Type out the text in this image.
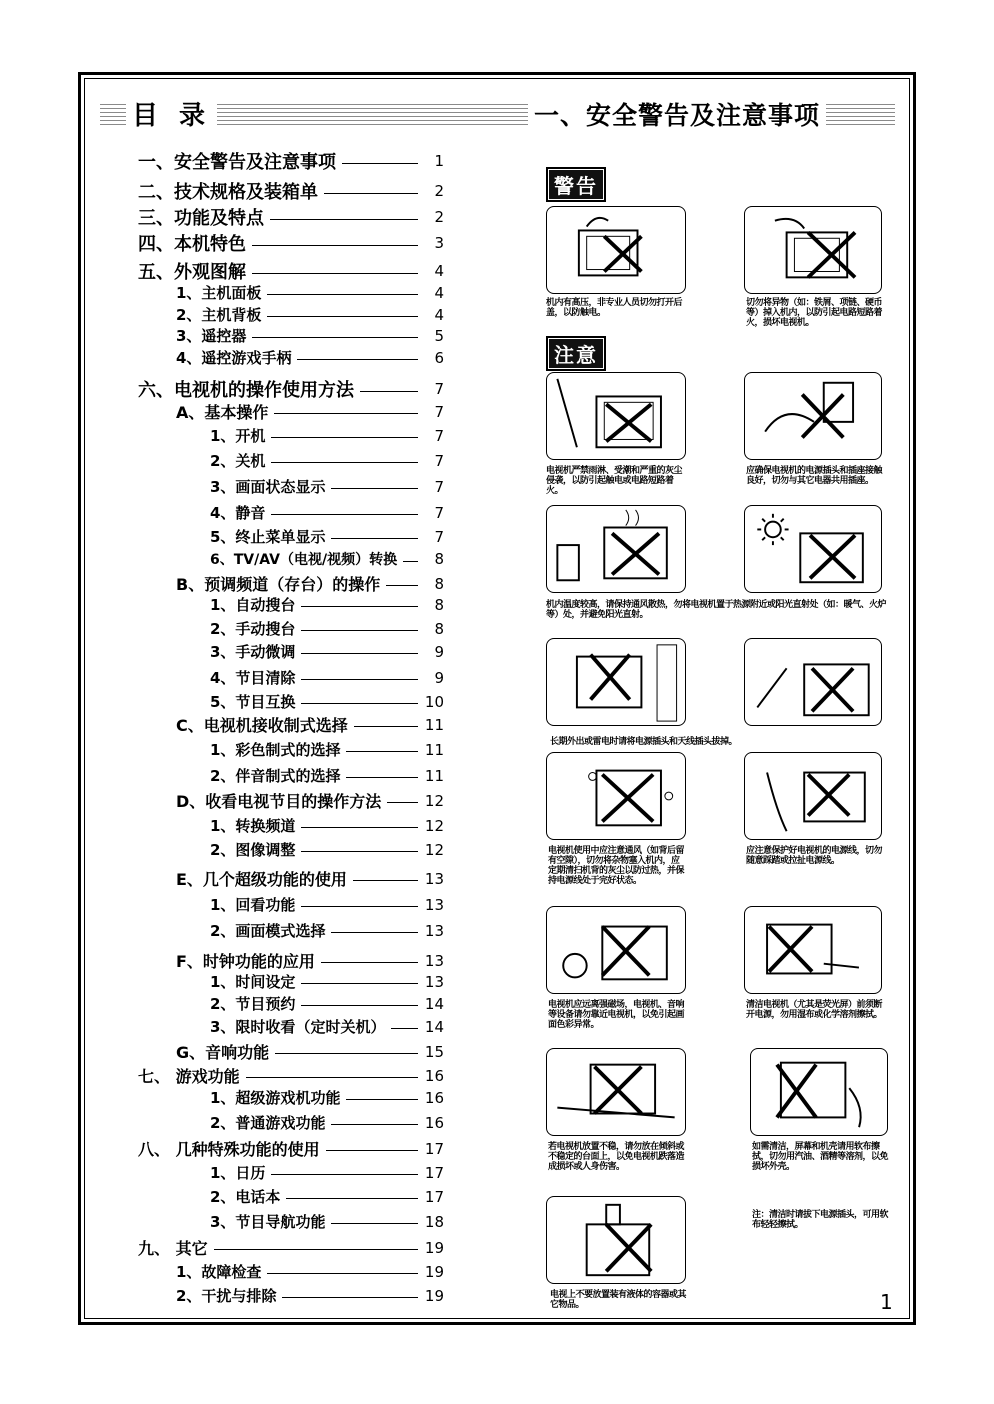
目 录	一、安全警告及注意事项
一、安全警告及注意事项	1
二、技术规格及装箱单	2
三、功能及特点	2
四、本机特色	3
五、外观图解	4
1、主机面板	4
2、主机背板	4
3、遥控器	5
4、遥控游戏手柄	6
六、电视机的操作使用方法	7
A、基本操作	7
1、开机	7
2、关机	7
3、画面状态显示	7
4、静音	7
5、终止菜单显示	7
6、TV/AV（电视/视频）转换	8
B、预调频道（存台）的操作	8
1、自动搜台	8
2、手动搜台	8
3、手动微调	9
4、节目清除	9
5、节目互换	10
C、电视机接收制式选择	11
1、彩色制式的选择	11
2、伴音制式的选择	11
D、收看电视节目的操作方法	12
1、转换频道	12
2、图像调整	12
E、几个超级功能的使用	13
1、回看功能	13
2、画面模式选择	13
F、时钟功能的应用	13
1、时间设定	13
2、节目预约	14
3、限时收看（定时关机）	14
G、音响功能	15
七、 游戏功能	16
1、超级游戏机功能	16
2、普通游戏功能	16
八、 几种特殊功能的使用	17
1、日历	17
2、电话本	17
3、节目导航功能	18
九、 其它	19
1、故障检查	19
2、干扰与排除	19
警告
机内有高压，非专业人员切勿打开后盖，以防触电。
切勿将异物（如：铁屑、项链、硬币等）掉入机内，以防引起电路短路着火，损坏电视机。
注意
电视机严禁雨淋、受潮和严重的灰尘侵袭，以防引起触电或电路短路着火。
应确保电视机的电源插头和插座接触良好，切勿与其它电器共用插座。
机内温度较高，请保持通风散热，勿将电视机置于热源附近或阳光直射处（如：暖气、火炉等）处，并避免阳光直射。
长期外出或雷电时请将电源插头和天线插头拔掉。
电视机使用中应注意通风（如背后留有空隙），切勿将杂物塞入机内，应定期清扫机背的灰尘以防过热，并保持电源线处于完好状态。
应注意保护好电视机的电源线，切勿随意踩踏或拉扯电源线。
电视机应远离强磁场，电视机、音响等设备请勿靠近电视机，以免引起画面色彩异常。
清洁电视机（尤其是荧光屏）前须断开电源，勿用湿布或化学溶剂擦拭。
若电视机放置不稳，请勿放在倾斜或不稳定的台面上，以免电视机跌落造成损坏或人身伤害。
如需清洁，屏幕和机壳请用软布擦拭，切勿用汽油、酒精等溶剂，以免损坏外壳。
注：清洁时请拔下电源插头，可用软布轻轻擦拭。
电视上不要放置装有液体的容器或其它物品。	1
